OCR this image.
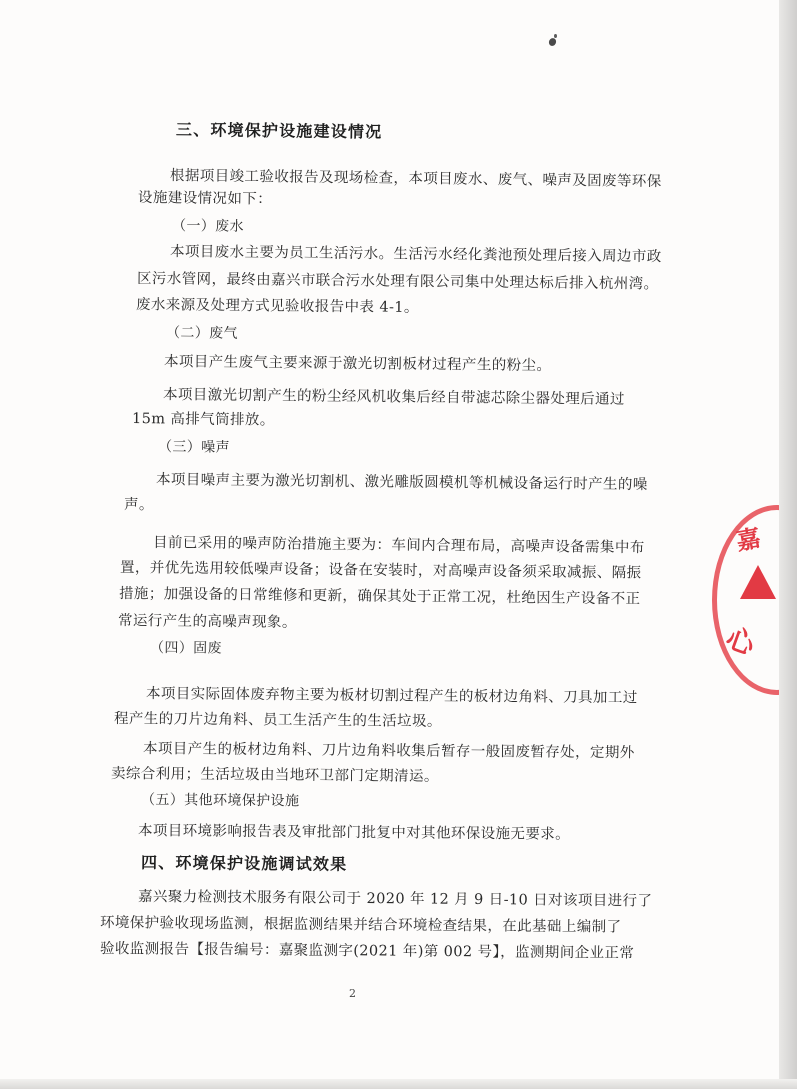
三、环境保护设施建设情况
根据项目竣工验收报告及现场检查，本项目废水、废气、噪声及固废等环保
设施建设情况如下：
（一）废水
本项目废水主要为员工生活污水。生活污水经化粪池预处理后接入周边市政
区污水管网，最终由嘉兴市联合污水处理有限公司集中处理达标后排入杭州湾。
废水来源及处理方式见验收报告中表 4-1。
（二）废气
本项目产生废气主要来源于激光切割板材过程产生的粉尘。
本项目激光切割产生的粉尘经风机收集后经自带滤芯除尘器处理后通过
15m 高排气筒排放。
（三）噪声
本项目噪声主要为激光切割机、激光雕版圆模机等机械设备运行时产生的噪
声。
目前已采用的噪声防治措施主要为：车间内合理布局，高噪声设备需集中布
置，并优先选用较低噪声设备；设备在安装时，对高噪声设备须采取减振、隔振
措施；加强设备的日常维修和更新，确保其处于正常工况，杜绝因生产设备不正
常运行产生的高噪声现象。
（四）固废
本项目实际固体废弃物主要为板材切割过程产生的板材边角料、刀具加工过
程产生的刀片边角料、员工生活产生的生活垃圾。
本项目产生的板材边角料、刀片边角料收集后暂存一般固废暂存处，定期外
卖综合利用；生活垃圾由当地环卫部门定期清运。
（五）其他环境保护设施
本项目环境影响报告表及审批部门批复中对其他环保设施无要求。
四、环境保护设施调试效果
嘉兴聚力检测技术服务有限公司于 2020 年 12 月 9 日-10 日对该项目进行了
环境保护验收现场监测，根据监测结果并结合环境检查结果，在此基础上编制了
验收监测报告【报告编号：嘉聚监测字(2021 年)第 002 号】，监测期间企业正常
2
嘉
心
